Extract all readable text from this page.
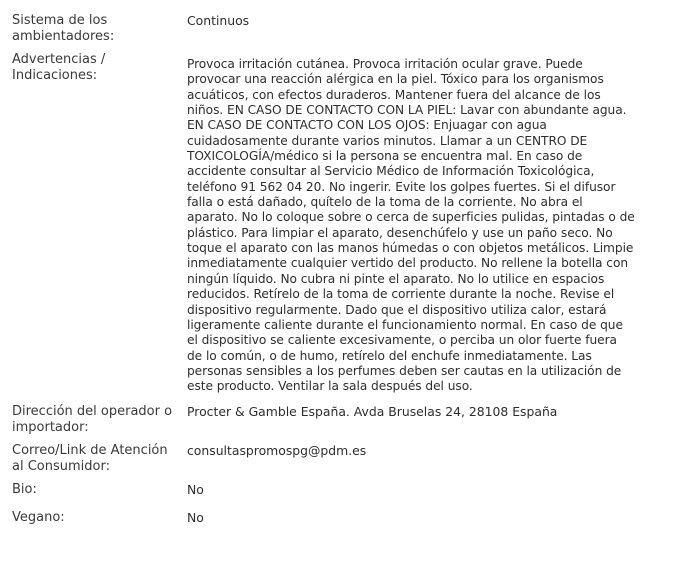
Sistema de los ambientadores:
Continuos
Advertencias / Indicaciones:
Provoca irritación cutánea. Provoca irritación ocular grave. Puede provocar una reacción alérgica en la piel. Tóxico para los organismos acuáticos, con efectos duraderos. Mantener fuera del alcance de los niños. EN CASO DE CONTACTO CON LA PIEL: Lavar con abundante agua. EN CASO DE CONTACTO CON LOS OJOS: Enjuagar con agua cuidadosamente durante varios minutos. Llamar a un CENTRO DE TOXICOLOGÍA/médico si la persona se encuentra mal. En caso de accidente consultar al Servicio Médico de Información Toxicológica, teléfono 91 562 04 20. No ingerir. Evite los golpes fuertes. Si el difusor falla o está dañado, quítelo de la toma de la corriente. No abra el aparato. No lo coloque sobre o cerca de superficies pulidas, pintadas o de plástico. Para limpiar el aparato, desenchúfelo y use un paño seco. No toque el aparato con las manos húmedas o con objetos metálicos. Limpie inmediatamente cualquier vertido del producto. No rellene la botella con ningún líquido. No cubra ni pinte el aparato. No lo utilice en espacios reducidos. Retírelo de la toma de corriente durante la noche. Revise el dispositivo regularmente. Dado que el dispositivo utiliza calor, estará ligeramente caliente durante el funcionamiento normal. En caso de que el dispositivo se caliente excesivamente, o perciba un olor fuerte fuera de lo común, o de humo, retírelo del enchufe inmediatamente. Las personas sensibles a los perfumes deben ser cautas en la utilización de este producto. Ventilar la sala después del uso.
Dirección del operador o importador:
Procter & Gamble España. Avda Bruselas 24, 28108 España
Correo/Link de Atención al Consumidor:
consultaspromospg@pdm.es
Bio:	No
Vegano:	No
